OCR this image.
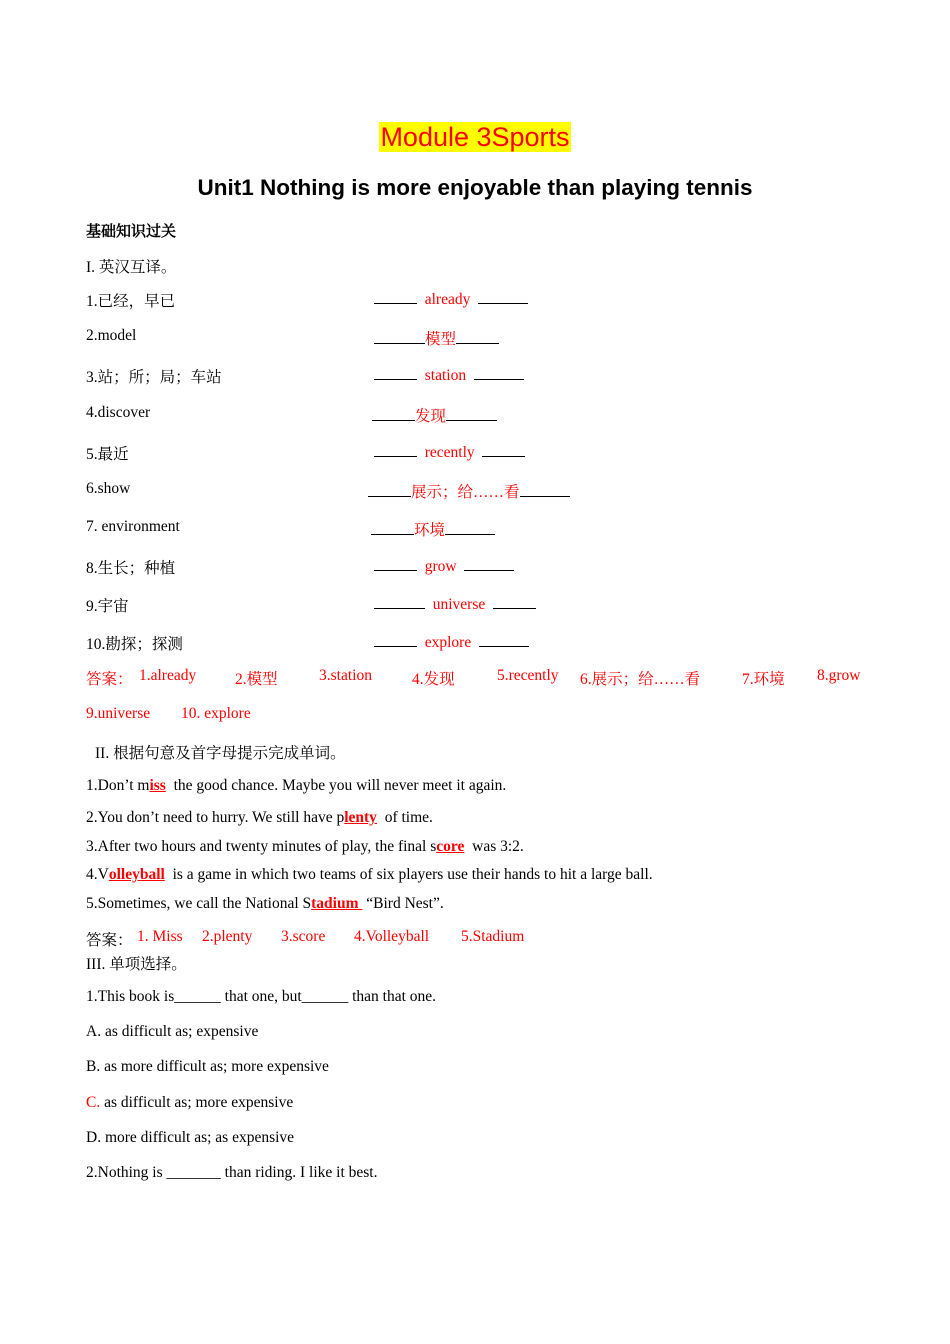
Module 3Sports
Unit1 Nothing is more enjoyable than playing tennis
基础知识过关
I. 英汉互译。
1.已经，早已	already
2.model	模型
3.站；所；局；车站	station
4.discover	发现
5.最近	recently
6.show	展示；给……看
7. environment	环境
8.生长；种植	grow
9.宇宙	universe
10.勘探；探测	explore
答案： 1.already	2.模型	3.station	4.发现	5.recently 6.展示；给……看	7.环境 8.grow
9.universe 10. explore
II. 根据句意及首字母提示完成单词。
1.Don’t miss  the good chance. Maybe you will never meet it again.
2.You don’t need to hurry. We still have plenty  of time.
3.After two hours and twenty minutes of play, the final score  was 3:2.
4.Volleyball  is a game in which two teams of six players use their hands to hit a large ball.
5.Sometimes, we call the National Stadium  “Bird Nest”.
答案： 1. Miss 2.plenty 3.score 4.Volleyball 5.Stadium
III. 单项选择。
1.This book is______ that one, but______ than that one.
A. as difficult as; expensive
B. as more difficult as; more expensive
C. as difficult as; more expensive
D. more difficult as; as expensive
2.Nothing is _______ than riding. I like it best.
